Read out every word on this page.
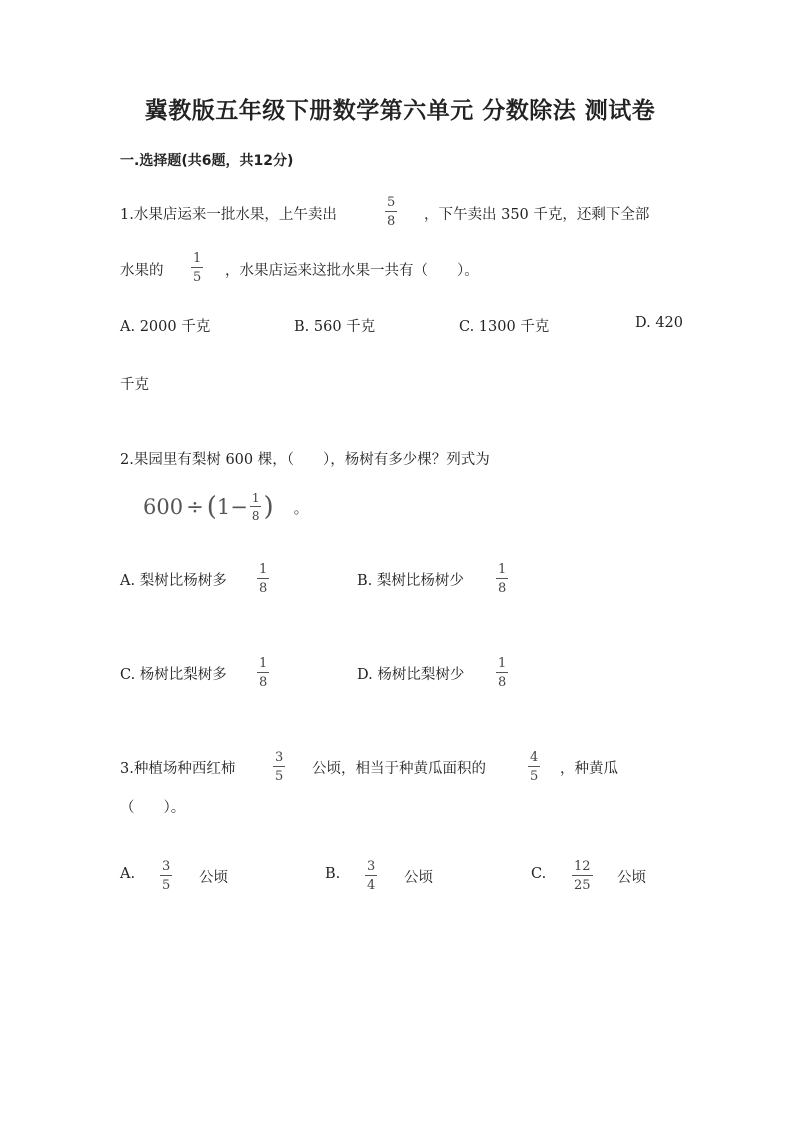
冀教版五年级下册数学第六单元 分数除法 测试卷
一.选择题(共6题，共12分)
1.水果店运来一批水果，上午卖出
5
8 ，下午卖出 350 千克，还剩下全部
水果的
1
5 ，水果店运来这批水果一共有（　　）。
A. 2000 千克	B. 560 千克	C. 1300 千克	D. 420
千克
2.果园里有梨树 600 棵，（　　），杨树有多少棵？列式为
600 ÷ ( $1 - \frac{1}{8}$ ) 。
A. 梨树比杨树多
1
8	B. 梨树比杨树少
1
8
C. 杨树比梨树多
1
8	D. 杨树比梨树少
1
8
3.种植场种西红柿
3
5 公顷，相当于种黄瓜面积的
4
5 ，种黄瓜
（　　）。
A. 3
5 公顷	B. 3
4 公顷	C. 12
25 公顷
